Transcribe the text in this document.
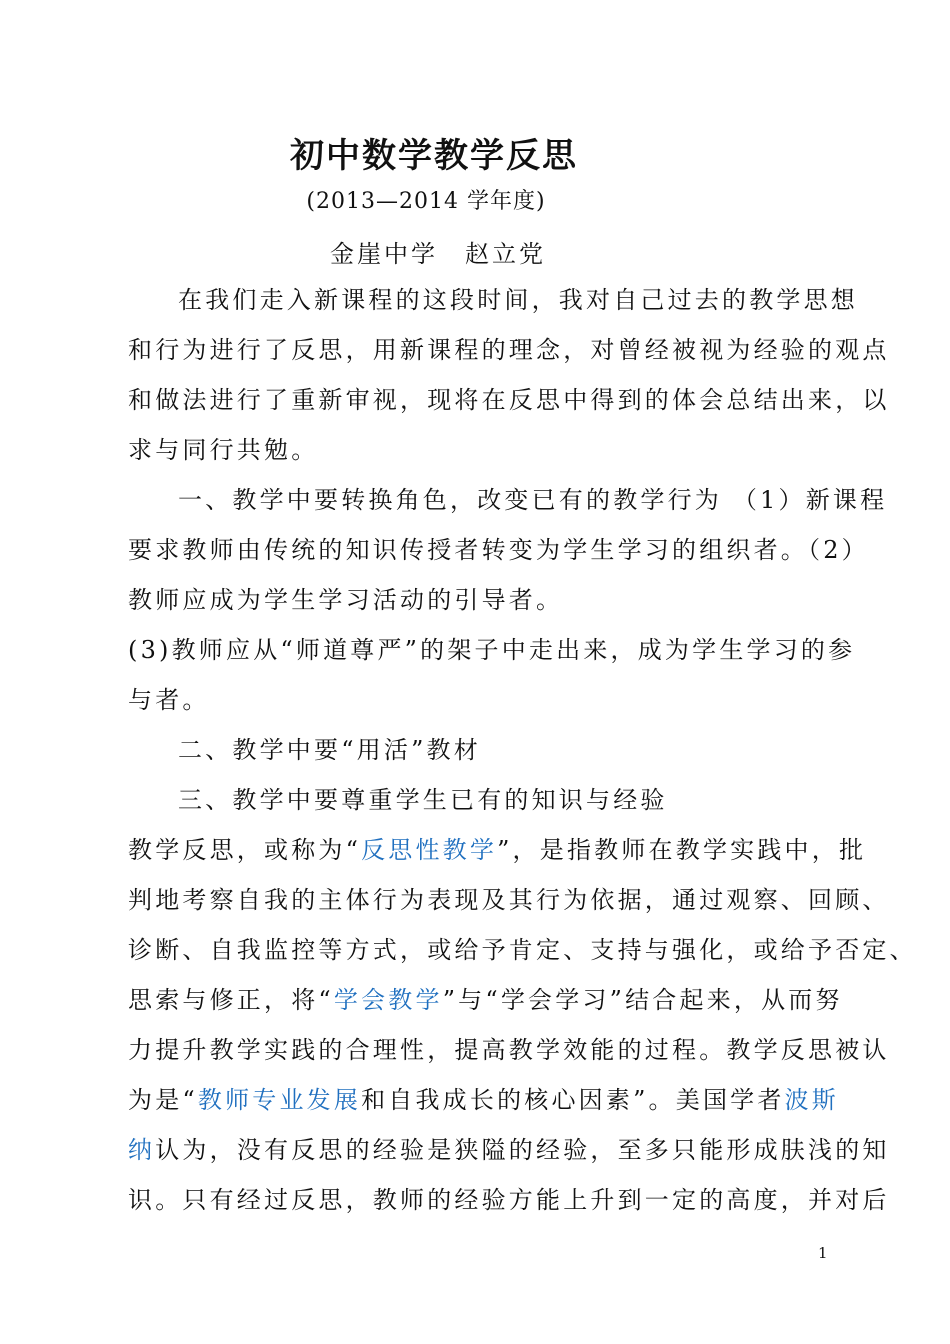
初中数学教学反思
(2013—2014 学年度)
金崖中学　赵立党
在我们走入新课程的这段时间，我对自己过去的教学思想
和行为进行了反思，用新课程的理念，对曾经被视为经验的观点
和做法进行了重新审视，现将在反思中得到的体会总结出来，以
求与同行共勉。
一、教学中要转换角色，改变已有的教学行为 （1）新课程
要求教师由传统的知识传授者转变为学生学习的组织者。（2）
教师应成为学生学习活动的引导者。
(3)教师应从“师道尊严”的架子中走出来，成为学生学习的参
与者。
二、教学中要“用活”教材
三、教学中要尊重学生已有的知识与经验
教学反思，或称为“反思性教学”，是指教师在教学实践中，批
判地考察自我的主体行为表现及其行为依据，通过观察、回顾、
诊断、自我监控等方式，或给予肯定、支持与强化，或给予否定、
思索与修正，将“学会教学”与“学会学习”结合起来，从而努
力提升教学实践的合理性，提高教学效能的过程。教学反思被认
为是“教师专业发展和自我成长的核心因素”。美国学者波斯
纳认为，没有反思的经验是狭隘的经验，至多只能形成肤浅的知
识。只有经过反思，教师的经验方能上升到一定的高度，并对后
1
